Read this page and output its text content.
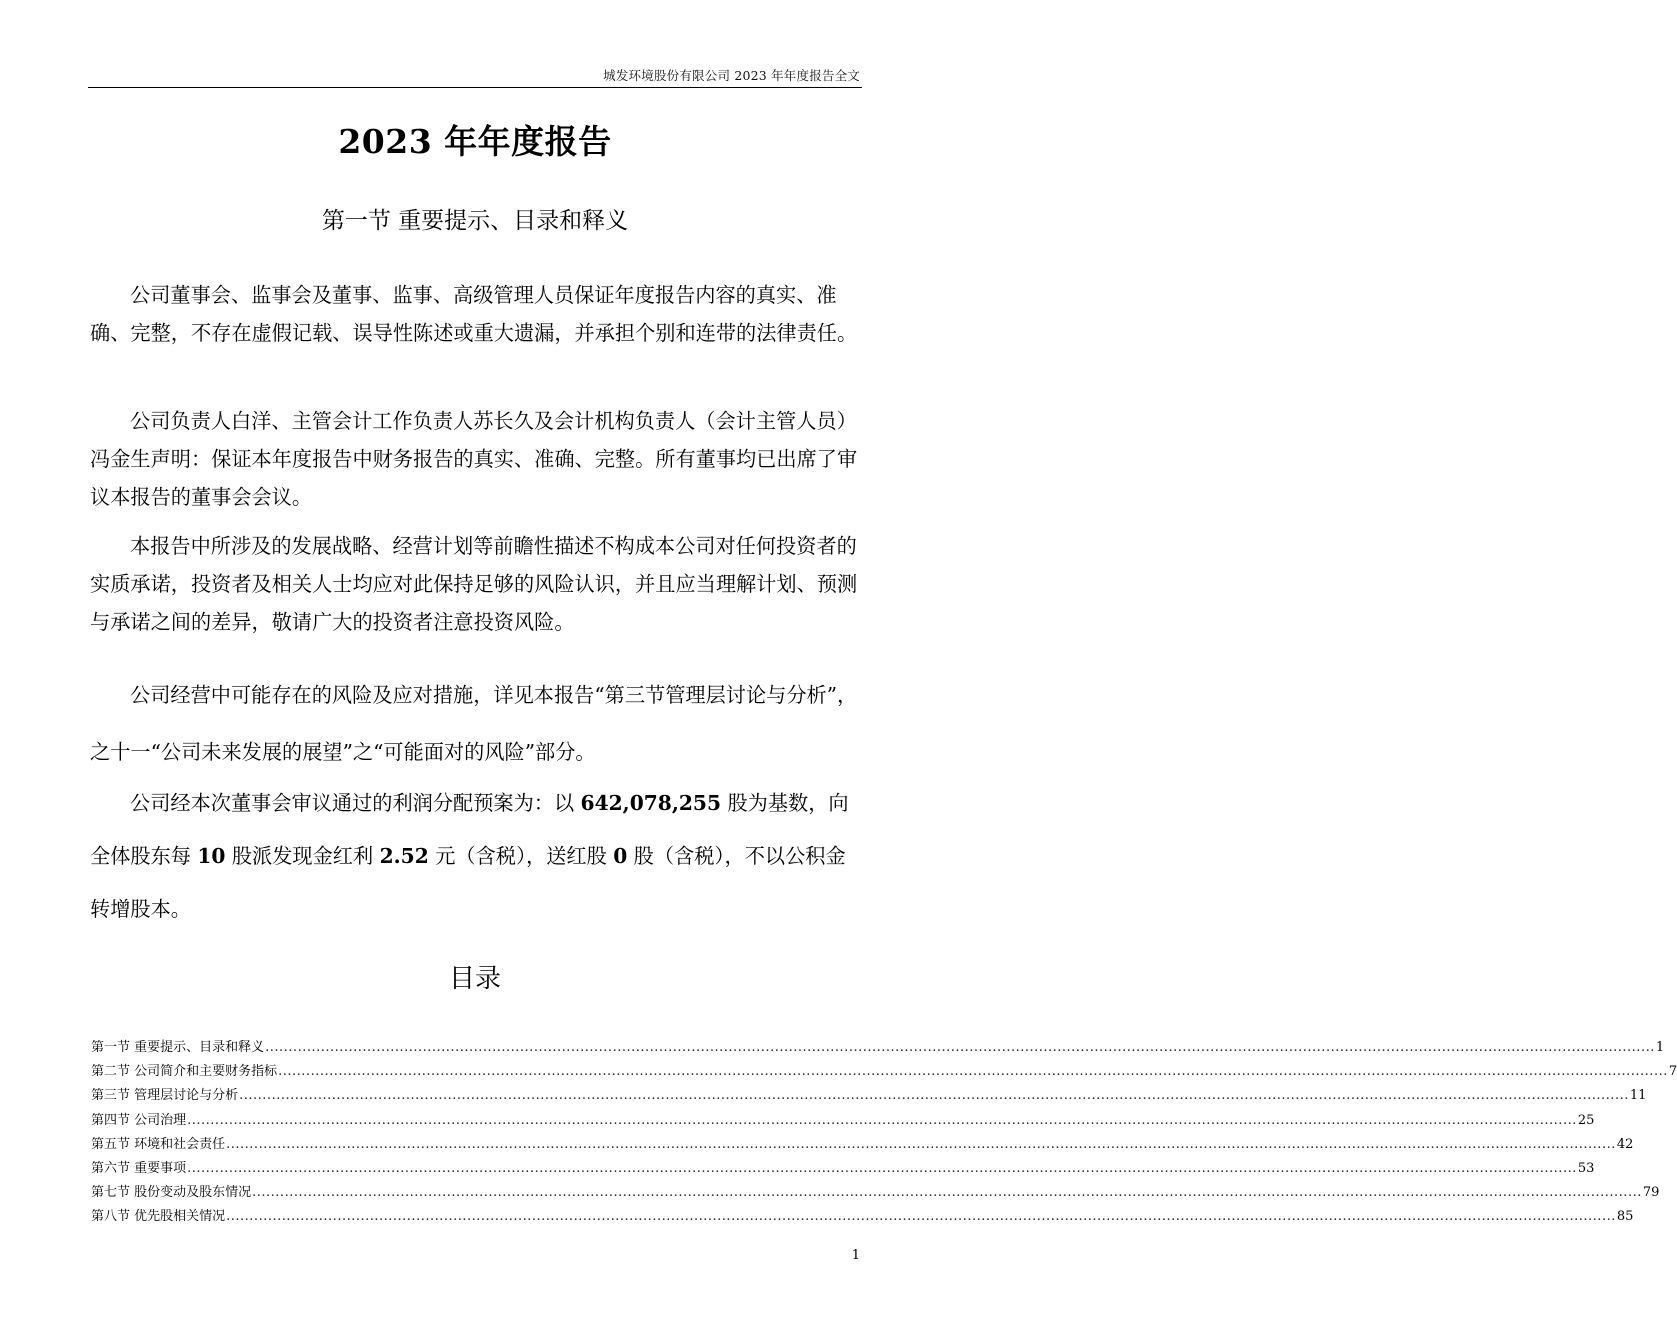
城发环境股份有限公司 2023 年年度报告全文
2023 年年度报告
第一节 重要提示、目录和释义
公司董事会、监事会及董事、监事、高级管理人员保证年度报告内容的真实、准确、完整，不存在虚假记载、误导性陈述或重大遗漏，并承担个别和连带的法律责任。
公司负责人白洋、主管会计工作负责人苏长久及会计机构负责人（会计主管人员）冯金生声明：保证本年度报告中财务报告的真实、准确、完整。所有董事均已出席了审议本报告的董事会会议。
本报告中所涉及的发展战略、经营计划等前瞻性描述不构成本公司对任何投资者的实质承诺，投资者及相关人士均应对此保持足够的风险认识，并且应当理解计划、预测与承诺之间的差异，敬请广大的投资者注意投资风险。
公司经营中可能存在的风险及应对措施，详见本报告“第三节管理层讨论与分析”，之十一“公司未来发展的展望”之“可能面对的风险”部分。
公司经本次董事会审议通过的利润分配预案为：以 642,078,255 股为基数，向全体股东每 10 股派发现金红利 2.52 元（含税），送红股 0 股（含税），不以公积金转增股本。
目录
第一节 重要提示、目录和释义 ............................................................................................................................................................................................................................................................................................................ 1
第二节 公司简介和主要财务指标 ............................................................................................................................................................................................................................................................................................................ 7
第三节 管理层讨论与分析 ............................................................................................................................................................................................................................................................................................................ 11
第四节 公司治理 ............................................................................................................................................................................................................................................................................................................ 25
第五节 环境和社会责任 ............................................................................................................................................................................................................................................................................................................ 42
第六节 重要事项 ............................................................................................................................................................................................................................................................................................................ 53
第七节 股份变动及股东情况 ............................................................................................................................................................................................................................................................................................................ 79
第八节 优先股相关情况 ............................................................................................................................................................................................................................................................................................................ 85
1
